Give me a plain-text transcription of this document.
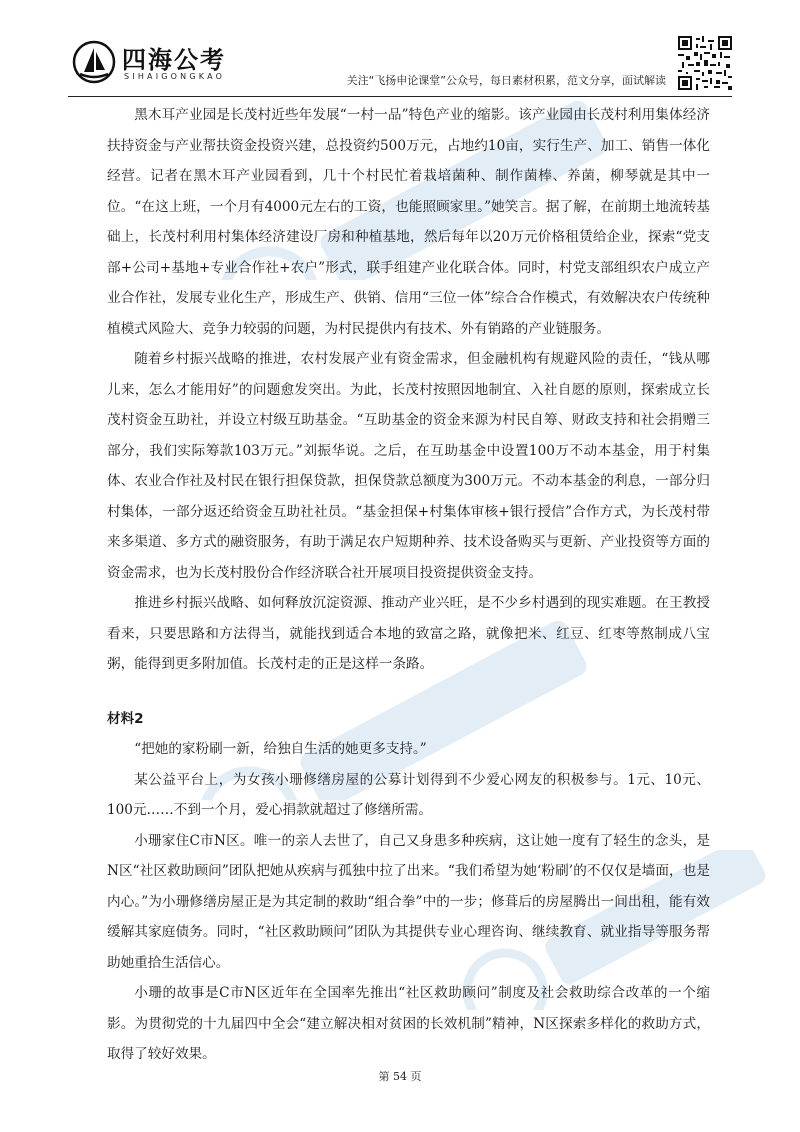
四海公考
SIHAIGONGKAO	关注“飞扬申论课堂”公众号，每日素材积累，范文分享，面试解读

黑木耳产业园是长茂村近些年发展“一村一品”特色产业的缩影。该产业园由长茂村利用集体经济扶持资金与产业帮扶资金投资兴建，总投资约500万元，占地约10亩，实行生产、加工、销售一体化经营。记者在黑木耳产业园看到，几十个村民忙着栽培菌种、制作菌棒、养菌，柳琴就是其中一位。“在这上班，一个月有4000元左右的工资，也能照顾家里。”她笑言。据了解，在前期土地流转基础上，长茂村利用村集体经济建设厂房和种植基地，然后每年以20万元价格租赁给企业，探索“党支部+公司+基地+专业合作社+农户”形式，联手组建产业化联合体。同时，村党支部组织农户成立产业合作社，发展专业化生产，形成生产、供销、信用“三位一体”综合合作模式，有效解决农户传统种植模式风险大、竞争力较弱的问题，为村民提供内有技术、外有销路的产业链服务。

随着乡村振兴战略的推进，农村发展产业有资金需求，但金融机构有规避风险的责任，“钱从哪儿来，怎么才能用好”的问题愈发突出。为此，长茂村按照因地制宜、入社自愿的原则，探索成立长茂村资金互助社，并设立村级互助基金。“互助基金的资金来源为村民自筹、财政支持和社会捐赠三部分，我们实际筹款103万元。”刘振华说。之后，在互助基金中设置100万不动本基金，用于村集体、农业合作社及村民在银行担保贷款，担保贷款总额度为300万元。不动本基金的利息，一部分归村集体，一部分返还给资金互助社社员。“基金担保+村集体审核+银行授信”合作方式，为长茂村带来多渠道、多方式的融资服务，有助于满足农户短期种养、技术设备购买与更新、产业投资等方面的资金需求，也为长茂村股份合作经济联合社开展项目投资提供资金支持。

推进乡村振兴战略、如何释放沉淀资源、推动产业兴旺，是不少乡村遇到的现实难题。在王教授看来，只要思路和方法得当，就能找到适合本地的致富之路，就像把米、红豆、红枣等熬制成八宝粥，能得到更多附加值。长茂村走的正是这样一条路。

材料2

“把她的家粉刷一新，给独自生活的她更多支持。”

某公益平台上，为女孩小珊修缮房屋的公募计划得到不少爱心网友的积极参与。1元、10元、100元……不到一个月，爱心捐款就超过了修缮所需。

小珊家住C市N区。唯一的亲人去世了，自己又身患多种疾病，这让她一度有了轻生的念头，是N区“社区救助顾问”团队把她从疾病与孤独中拉了出来。“我们希望为她‘粉刷’的不仅仅是墙面，也是内心。”为小珊修缮房屋正是为其定制的救助“组合拳”中的一步；修葺后的房屋腾出一间出租，能有效缓解其家庭债务。同时，“社区救助顾问”团队为其提供专业心理咨询、继续教育、就业指导等服务帮助她重拾生活信心。

小珊的故事是C市N区近年在全国率先推出“社区救助顾问”制度及社会救助综合改革的一个缩影。为贯彻党的十九届四中全会“建立解决相对贫困的长效机制”精神，N区探索多样化的救助方式，取得了较好效果。

第 54 页
